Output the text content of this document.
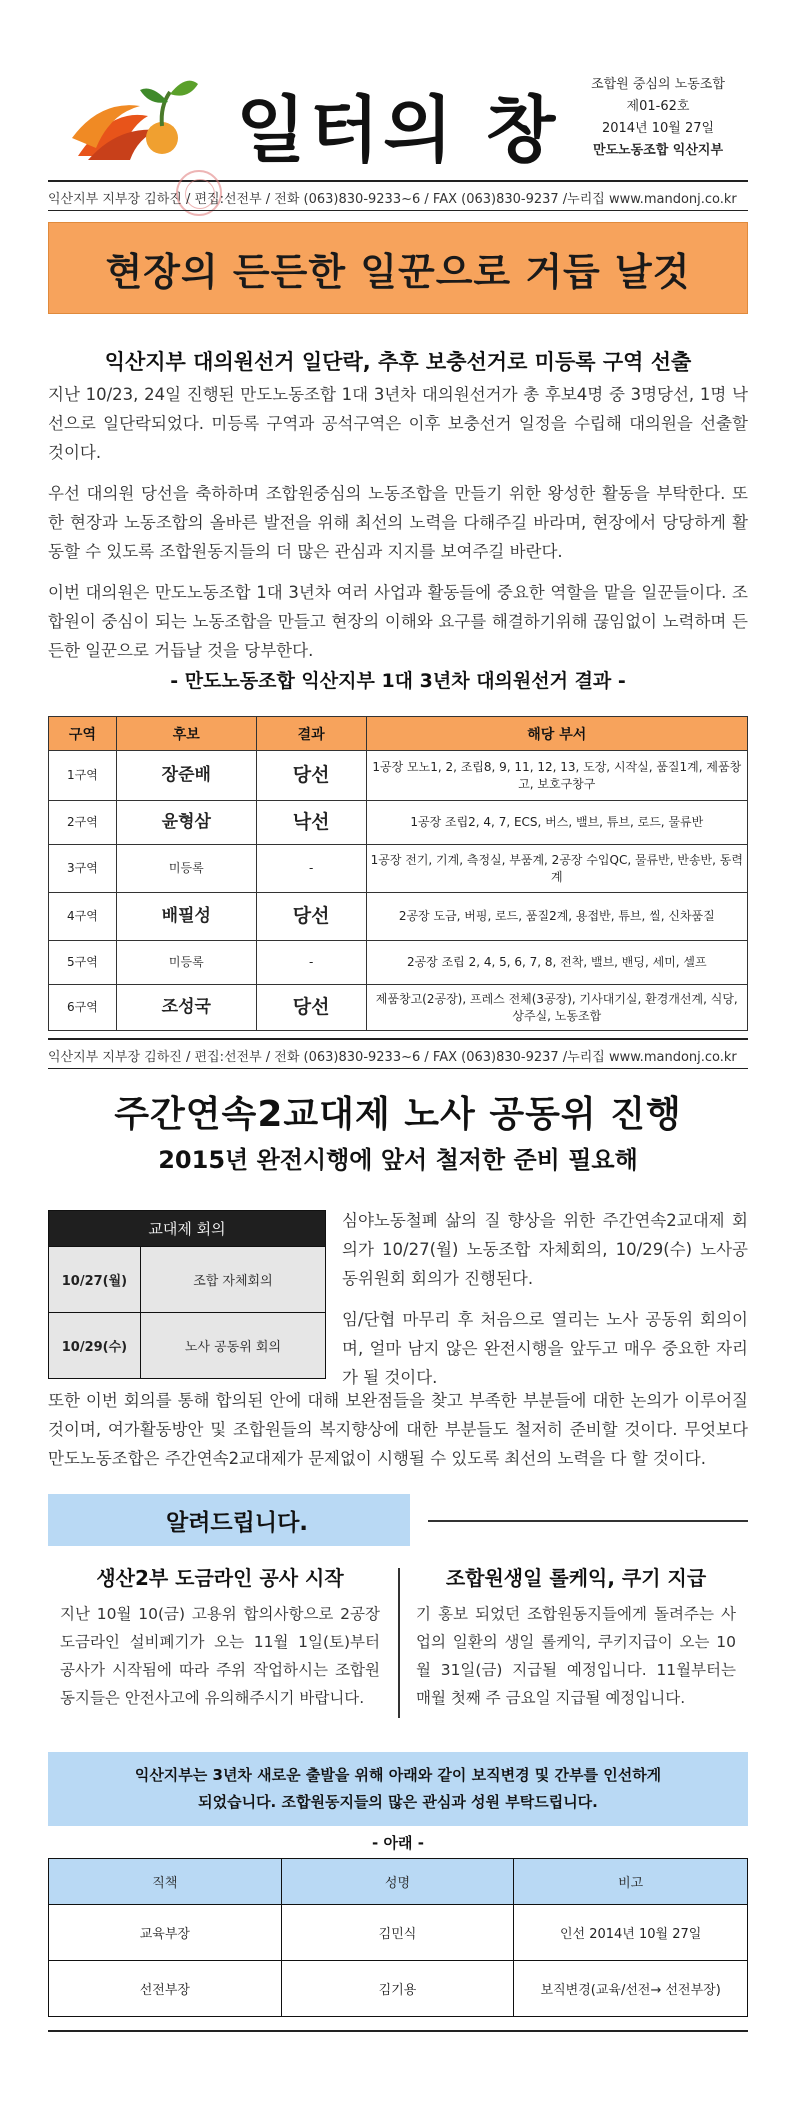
일터의 창
조합원 중심의 노동조합
제01-62호
2014년 10월 27일
만도노동조합 익산지부
익산지부 지부장 김하진 / 편집:선전부 / 전화 (063)830-9233~6 / FAX (063)830-9237 /누리집 www.mandonj.co.kr
현장의 든든한 일꾼으로 거듭 날것
익산지부 대의원선거 일단락, 추후 보충선거로 미등록 구역 선출

지난 10/23, 24일 진행된 만도노동조합 1대 3년차 대의원선거가 총 후보4명 중 3명당선, 1명 낙선으로 일단락되었다. 미등록 구역과 공석구역은 이후 보충선거 일정을 수립해 대의원을 선출할 것이다.

우선 대의원 당선을 축하하며 조합원중심의 노동조합을 만들기 위한 왕성한 활동을 부탁한다. 또한 현장과 노동조합의 올바른 발전을 위해 최선의 노력을 다해주길 바라며, 현장에서 당당하게 활동할 수 있도록 조합원동지들의 더 많은 관심과 지지를 보여주길 바란다.

이번 대의원은 만도노동조합 1대 3년차 여러 사업과 활동들에 중요한 역할을 맡을 일꾼들이다. 조합원이 중심이 되는 노동조합을 만들고 현장의 이해와 요구를 해결하기위해 끊임없이 노력하며 든든한 일꾼으로 거듭날 것을 당부한다.

- 만도노동조합 익산지부 1대 3년차 대의원선거 결과 -
구역	후보	결과	해당 부서
1구역	장준배	당선	1공장 모노1, 2, 조립8, 9, 11, 12, 13, 도장, 시작실, 품질1계, 제품창고, 보호구창구
2구역	윤형삼	낙선	1공장 조립2, 4, 7, ECS, 버스, 밸브, 튜브, 로드, 물류반
3구역	미등록	-	1공장 전기, 기계, 측정실, 부품계, 2공장 수입QC, 물류반, 반송반, 동력계
4구역	배필성	당선	2공장 도금, 버핑, 로드, 품질2계, 용접반, 튜브, 씰, 신차품질
5구역	미등록	-	2공장 조립 2, 4, 5, 6, 7, 8, 전착, 밸브, 밴딩, 세미, 셀프
6구역	조성국	당선	제품창고(2공장), 프레스 전체(3공장), 기사대기실, 환경개선계, 식당, 상주실, 노동조합
익산지부 지부장 김하진 / 편집:선전부 / 전화 (063)830-9233~6 / FAX (063)830-9237 /누리집 www.mandonj.co.kr
주간연속2교대제 노사 공동위 진행
2015년 완전시행에 앞서 철저한 준비 필요해
교대제 회의	
10/27(월)	조합 자체회의
10/29(수)	노사 공동위 회의

심야노동철폐 삶의 질 향상을 위한 주간연속2교대제 회의가 10/27(월) 노동조합 자체회의, 10/29(수) 노사공동위원회 회의가 진행된다.

임/단협 마무리 후 처음으로 열리는 노사 공동위 회의이며, 얼마 남지 않은 완전시행을 앞두고 매우 중요한 자리가 될 것이다.

또한 이번 회의를 통해 합의된 안에 대해 보완점들을 찾고 부족한 부분들에 대한 논의가 이루어질 것이며, 여가활동방안 및 조합원들의 복지향상에 대한 부분들도 철저히 준비할 것이다. 무엇보다 만도노동조합은 주간연속2교대제가 문제없이 시행될 수 있도록 최선의 노력을 다 할 것이다.
알려드립니다.
생산2부 도금라인 공사 시작
지난 10월 10(금) 고용위 합의사항으로 2공장 도금라인 설비폐기가 오는 11월 1일(토)부터 공사가 시작됨에 따라 주위 작업하시는 조합원동지들은 안전사고에 유의해주시기 바랍니다.
조합원생일 롤케익, 쿠기 지급
기 홍보 되었던 조합원동지들에게 돌려주는 사업의 일환의 생일 롤케익, 쿠키지급이 오는 10월 31일(금) 지급될 예정입니다. 11월부터는 매월 첫째 주 금요일 지급될 예정입니다.
익산지부는 3년차 새로운 출발을 위해 아래와 같이 보직변경 및 간부를 인선하게
되었습니다. 조합원동지들의 많은 관심과 성원 부탁드립니다.
- 아래 -
직책	성명	비고
교육부장	김민식	인선 2014년 10월 27일
선전부장	김기용	보직변경(교육/선전→ 선전부장)
